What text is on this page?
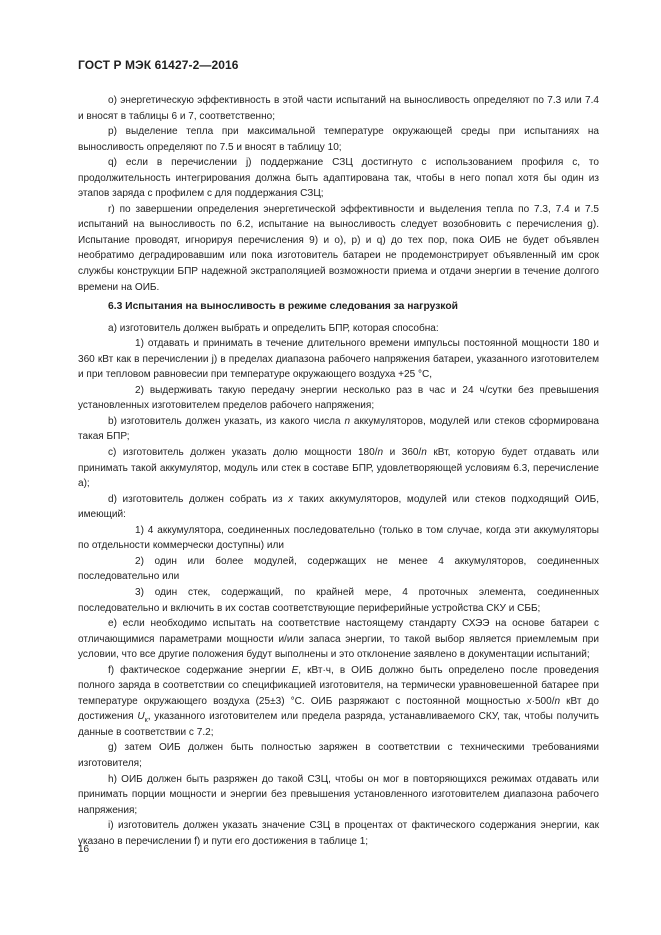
ГОСТ Р МЭК 61427-2—2016

о) энергетическую эффективность в этой части испытаний на выносливость определяют по 7.3 или 7.4 и вносят в таблицы 6 и 7, соответственно;

р) выделение тепла при максимальной температуре окружающей среды при испытаниях на выносливость определяют по 7.5 и вносят в таблицу 10;

q) если в перечислении j) поддержание СЗЦ достигнуто с использованием профиля с, то продолжительность интегрирования должна быть адаптирована так, чтобы в него попал хотя бы один из этапов заряда с профилем с для поддержания СЗЦ;

r) по завершении определения энергетической эффективности и выделения тепла по 7.3, 7.4 и 7.5 испытаний на выносливость по 6.2, испытание на выносливость следует возобновить с перечисления g). Испытание проводят, игнорируя перечисления 9) и о), р) и q) до тех пор, пока ОИБ не будет объявлен необратимо деградировавшим или пока изготовитель батареи не продемонстрирует объявленный им срок службы конструкции БПР надежной экстраполяцией возможности приема и отдачи энергии в течение долгого времени на ОИБ.

6.3 Испытания на выносливость в режиме следования за нагрузкой

а) изготовитель должен выбрать и определить БПР, которая способна:

1) отдавать и принимать в течение длительного времени импульсы постоянной мощности 180 и 360 кВт как в перечислении j) в пределах диапазона рабочего напряжения батареи, указанного изготовителем и при тепловом равновесии при температуре окружающего воздуха +25 °С,

2) выдерживать такую передачу энергии несколько раз в час и 24 ч/сутки без превышения установленных изготовителем пределов рабочего напряжения;

b) изготовитель должен указать, из какого числа n аккумуляторов, модулей или стеков сформирована такая БПР;

с) изготовитель должен указать долю мощности 180/n и 360/n кВт, которую будет отдавать или принимать такой аккумулятор, модуль или стек в составе БПР, удовлетворяющей условиям 6.3, перечисление а);

d) изготовитель должен собрать из х таких аккумуляторов, модулей или стеков подходящий ОИБ, имеющий:

1) 4 аккумулятора, соединенных последовательно (только в том случае, когда эти аккумуляторы по отдельности коммерчески доступны) или

2) один или более модулей, содержащих не менее 4 аккумуляторов, соединенных последовательно или

3) один стек, содержащий, по крайней мере, 4 проточных элемента, соединенных последовательно и включить в их состав соответствующие периферийные устройства СКУ и СББ;

е) если необходимо испытать на соответствие настоящему стандарту СХЭЭ на основе батареи с отличающимися параметрами мощности и/или запаса энергии, то такой выбор является приемлемым при условии, что все другие положения будут выполнены и это отклонение заявлено в документации испытаний;

f) фактическое содержание энергии Е, кВт·ч, в ОИБ должно быть определено после проведения полного заряда в соответствии со спецификацией изготовителя, на термически уравновешенной батарее при температуре окружающего воздуха (25±3) °С. ОИБ разряжают с постоянной мощностью х·500/n кВт до достижения $U_к$, указанного изготовителем или предела разряда, устанавливаемого СКУ, так, чтобы получить данные в соответствии с 7.2;

g) затем ОИБ должен быть полностью заряжен в соответствии с техническими требованиями изготовителя;

h) ОИБ должен быть разряжен до такой СЗЦ, чтобы он мог в повторяющихся режимах отдавать или принимать порции мощности и энергии без превышения установленного изготовителем диапазона рабочего напряжения;

i) изготовитель должен указать значение СЗЦ в процентах от фактического содержания энергии, как указано в перечислении f) и пути его достижения в таблице 1;

16
